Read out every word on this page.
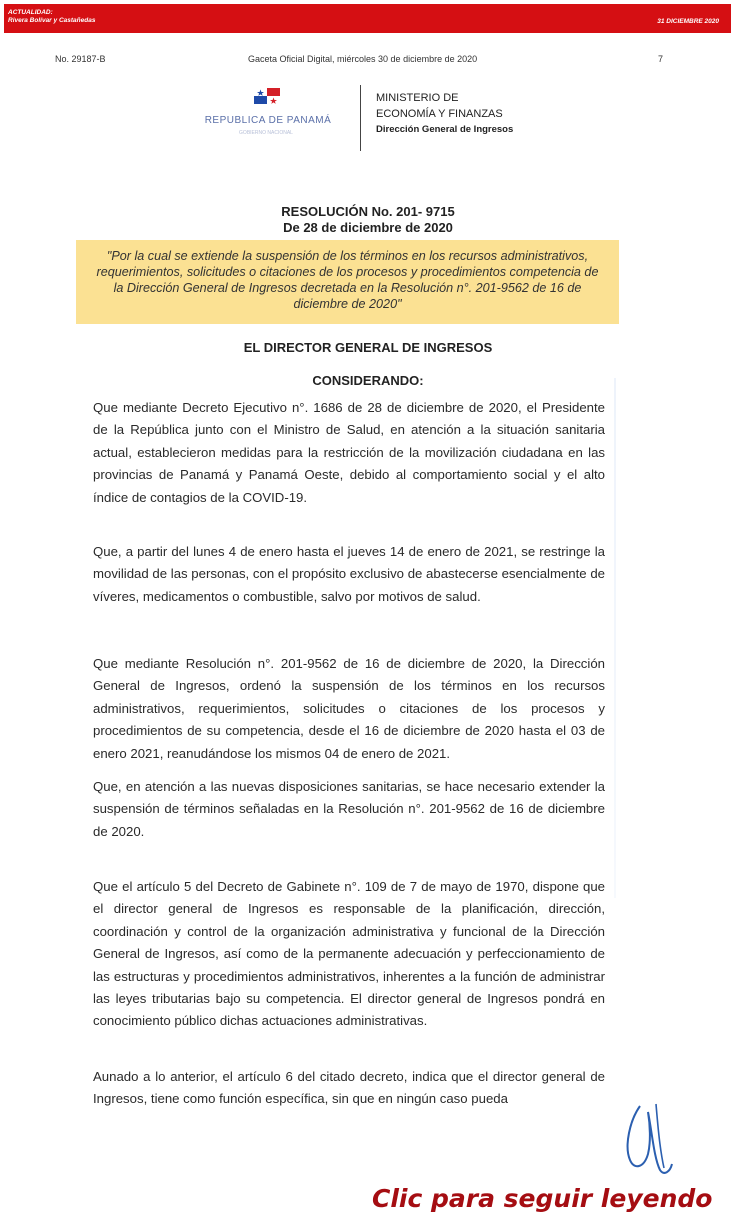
ACTUALIDAD:
Rivera Bolívar y Castañedas	31 DICIEMBRE 2020
No. 29187-B	Gaceta Oficial Digital, miércoles 30 de diciembre de 2020	7
REPUBLICA DE PANAMÁ
GOBIERNO NACIONAL
MINISTERIO DE
ECONOMÍA Y FINANZAS
Dirección General de Ingresos
RESOLUCIÓN No. 201- 9715
De 28 de diciembre de 2020
"Por la cual se extiende la suspensión de los términos en los recursos administrativos, requerimientos, solicitudes o citaciones de los procesos y procedimientos competencia de la Dirección General de Ingresos decretada en la Resolución n°. 201-9562 de 16 de diciembre de 2020"
EL DIRECTOR GENERAL DE INGRESOS
CONSIDERANDO:
Que mediante Decreto Ejecutivo n°. 1686 de 28 de diciembre de 2020, el Presidente de la República junto con el Ministro de Salud, en atención a la situación sanitaria actual, establecieron medidas para la restricción de la movilización ciudadana en las provincias de Panamá y Panamá Oeste, debido al comportamiento social y el alto índice de contagios de la COVID-19.
Que, a partir del lunes 4 de enero hasta el jueves 14 de enero de 2021, se restringe la movilidad de las personas, con el propósito exclusivo de abastecerse esencialmente de víveres, medicamentos o combustible, salvo por motivos de salud.
Que mediante Resolución n°. 201-9562 de 16 de diciembre de 2020, la Dirección General de Ingresos, ordenó la suspensión de los términos en los recursos administrativos, requerimientos, solicitudes o citaciones de los procesos y procedimientos de su competencia, desde el 16 de diciembre de 2020 hasta el 03 de enero 2021, reanudándose los mismos 04 de enero de 2021.
Que, en atención a las nuevas disposiciones sanitarias, se hace necesario extender la suspensión de términos señaladas en la Resolución n°. 201-9562 de 16 de diciembre de 2020.
Que el artículo 5 del Decreto de Gabinete n°. 109 de 7 de mayo de 1970, dispone que el director general de Ingresos es responsable de la planificación, dirección, coordinación y control de la organización administrativa y funcional de la Dirección General de Ingresos, así como de la permanente adecuación y perfeccionamiento de las estructuras y procedimientos administrativos, inherentes a la función de administrar las leyes tributarias bajo su competencia. El director general de Ingresos pondrá en conocimiento público dichas actuaciones administrativas.
Aunado a lo anterior, el artículo 6 del citado decreto, indica que el director general de Ingresos, tiene como función específica, sin que en ningún caso pueda
Clic para seguir leyendo
